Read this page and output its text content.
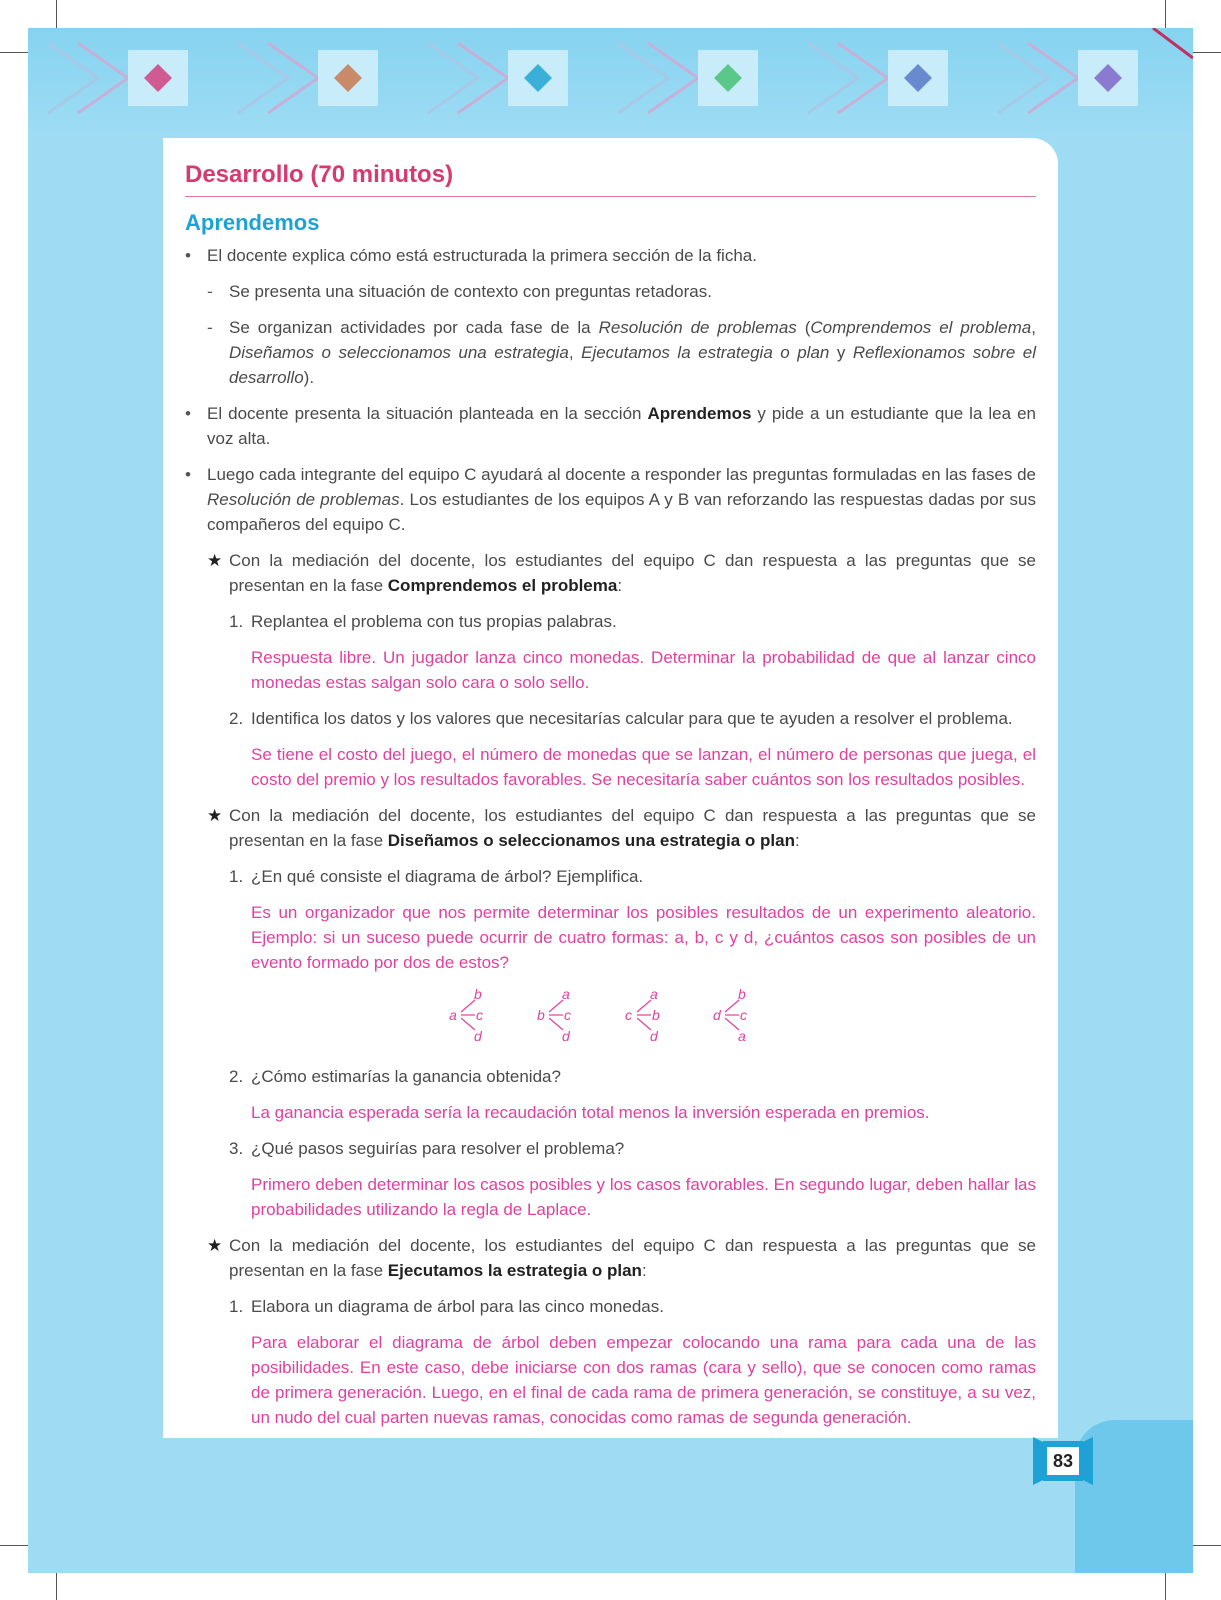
Desarrollo (70 minutos)
Aprendemos

• El docente explica cómo está estructurada la primera sección de la ficha.

- Se presenta una situación de contexto con preguntas retadoras.

- Se organizan actividades por cada fase de la Resolución de problemas (Comprendemos el problema, Diseñamos o seleccionamos una estrategia, Ejecutamos la estrategia o plan y Reflexionamos sobre el desarrollo).

• El docente presenta la situación planteada en la sección Aprendemos y pide a un estudiante que la lea en voz alta.

• Luego cada integrante del equipo C ayudará al docente a responder las preguntas formuladas en las fases de Resolución de problemas. Los estudiantes de los equipos A y B van reforzando las respuestas dadas por sus compañeros del equipo C.

★ Con la mediación del docente, los estudiantes del equipo C dan respuesta a las preguntas que se presentan en la fase Comprendemos el problema:

1. Replantea el problema con tus propias palabras.

Respuesta libre. Un jugador lanza cinco monedas. Determinar la probabilidad de que al lanzar cinco monedas estas salgan solo cara o solo sello.

2. Identifica los datos y los valores que necesitarías calcular para que te ayuden a resolver el problema.

Se tiene el costo del juego, el número de monedas que se lanzan, el número de personas que juega, el costo del premio y los resultados favorables. Se necesitaría saber cuántos son los resultados posibles.

★ Con la mediación del docente, los estudiantes del equipo C dan respuesta a las preguntas que se presentan en la fase Diseñamos o seleccionamos una estrategia o plan:

1. ¿En qué consiste el diagrama de árbol? Ejemplifica.

Es un organizador que nos permite determinar los posibles resultados de un experimento aleatorio. Ejemplo: si un suceso puede ocurrir de cuatro formas: a, b, c y d, ¿cuántos casos son posibles de un evento formado por dos de estos?

a
b
c
d
b
a
c
d
c
a
b
d
d
b
c
a

2. ¿Cómo estimarías la ganancia obtenida?

La ganancia esperada sería la recaudación total menos la inversión esperada en premios.

3. ¿Qué pasos seguirías para resolver el problema?

Primero deben determinar los casos posibles y los casos favorables. En segundo lugar, deben hallar las probabilidades utilizando la regla de Laplace.

★ Con la mediación del docente, los estudiantes del equipo C dan respuesta a las preguntas que se presentan en la fase Ejecutamos la estrategia o plan:

1. Elabora un diagrama de árbol para las cinco monedas.

Para elaborar el diagrama de árbol deben empezar colocando una rama para cada una de las posibilidades. En este caso, debe iniciarse con dos ramas (cara y sello), que se conocen como ramas de primera generación. Luego, en el final de cada rama de primera generación, se constituye, a su vez, un nudo del cual parten nuevas ramas, conocidas como ramas de segunda generación.

83
